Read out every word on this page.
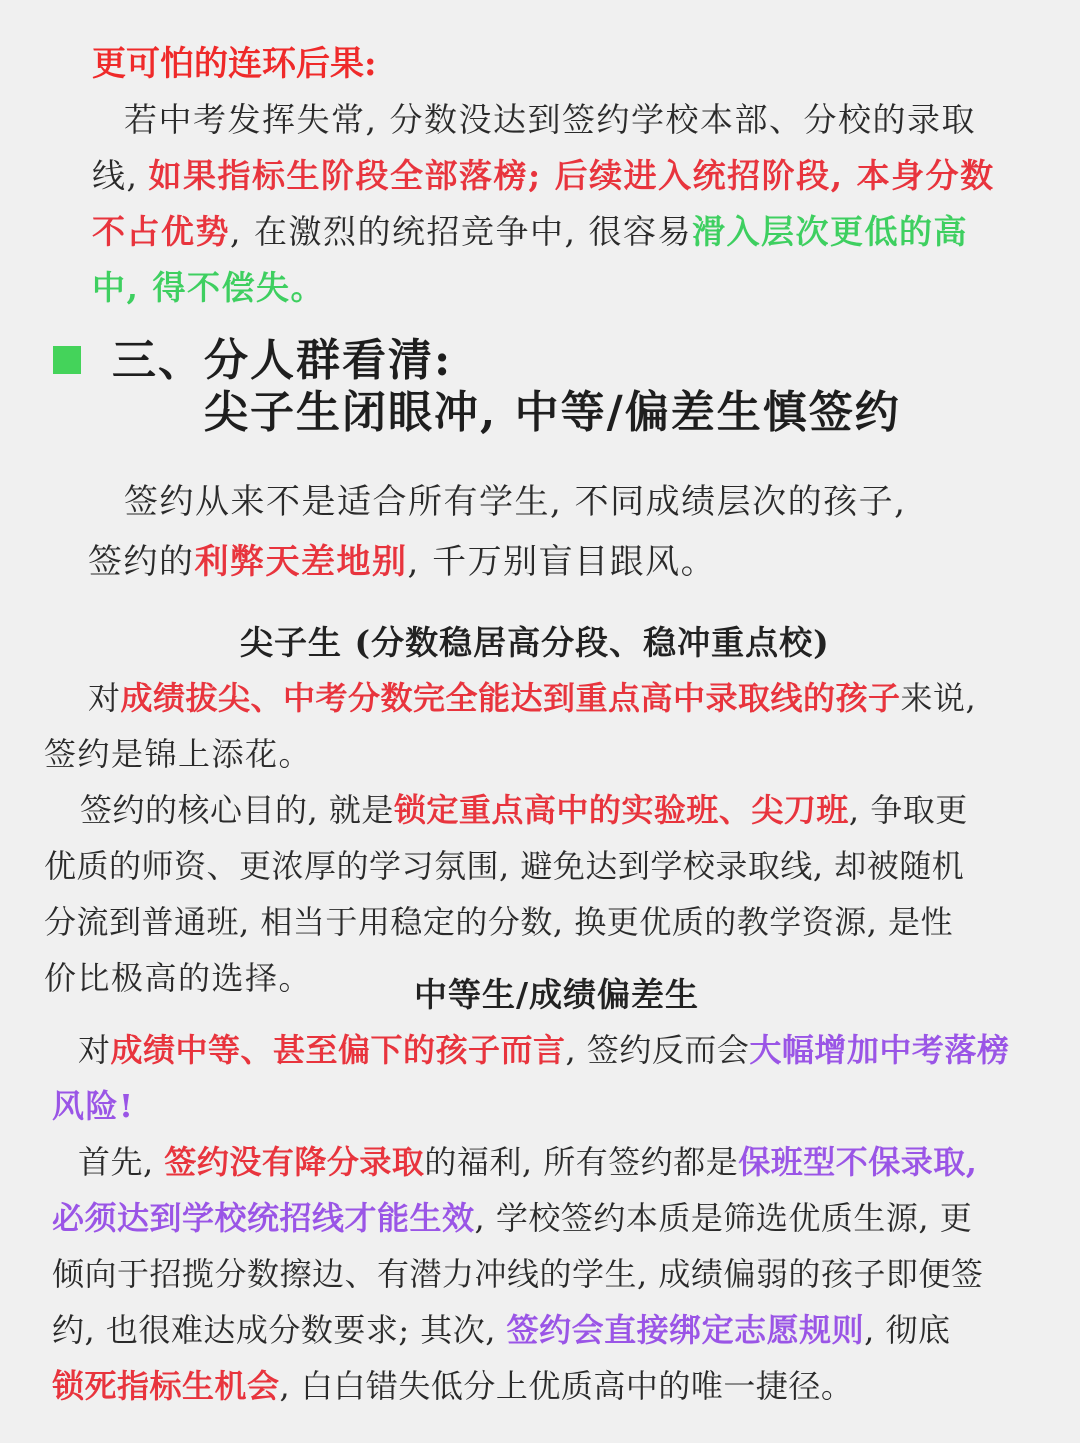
更可怕的连环后果:
若中考发挥失常, 分数没达到签约学校本部、分校的录取
线, 如果指标生阶段全部落榜; 后续进入统招阶段, 本身分数
不占优势, 在激烈的统招竞争中, 很容易滑入层次更低的高
中, 得不偿失。
三、分人群看清:
尖子生闭眼冲, 中等/偏差生慎签约
签约从来不是适合所有学生, 不同成绩层次的孩子,
签约的利弊天差地别, 千万别盲目跟风。
尖子生 (分数稳居高分段、稳冲重点校)
对成绩拔尖、中考分数完全能达到重点高中录取线的孩子来说,
签约是锦上添花。
签约的核心目的, 就是锁定重点高中的实验班、尖刀班, 争取更
优质的师资、更浓厚的学习氛围, 避免达到学校录取线, 却被随机
分流到普通班, 相当于用稳定的分数, 换更优质的教学资源, 是性
价比极高的选择。	中等生/成绩偏差生
对成绩中等、甚至偏下的孩子而言, 签约反而会大幅增加中考落榜
风险!
首先, 签约没有降分录取的福利, 所有签约都是保班型不保录取,
必须达到学校统招线才能生效, 学校签约本质是筛选优质生源, 更
倾向于招揽分数擦边、有潜力冲线的学生, 成绩偏弱的孩子即便签
约, 也很难达成分数要求; 其次, 签约会直接绑定志愿规则, 彻底
锁死指标生机会, 白白错失低分上优质高中的唯一捷径。
